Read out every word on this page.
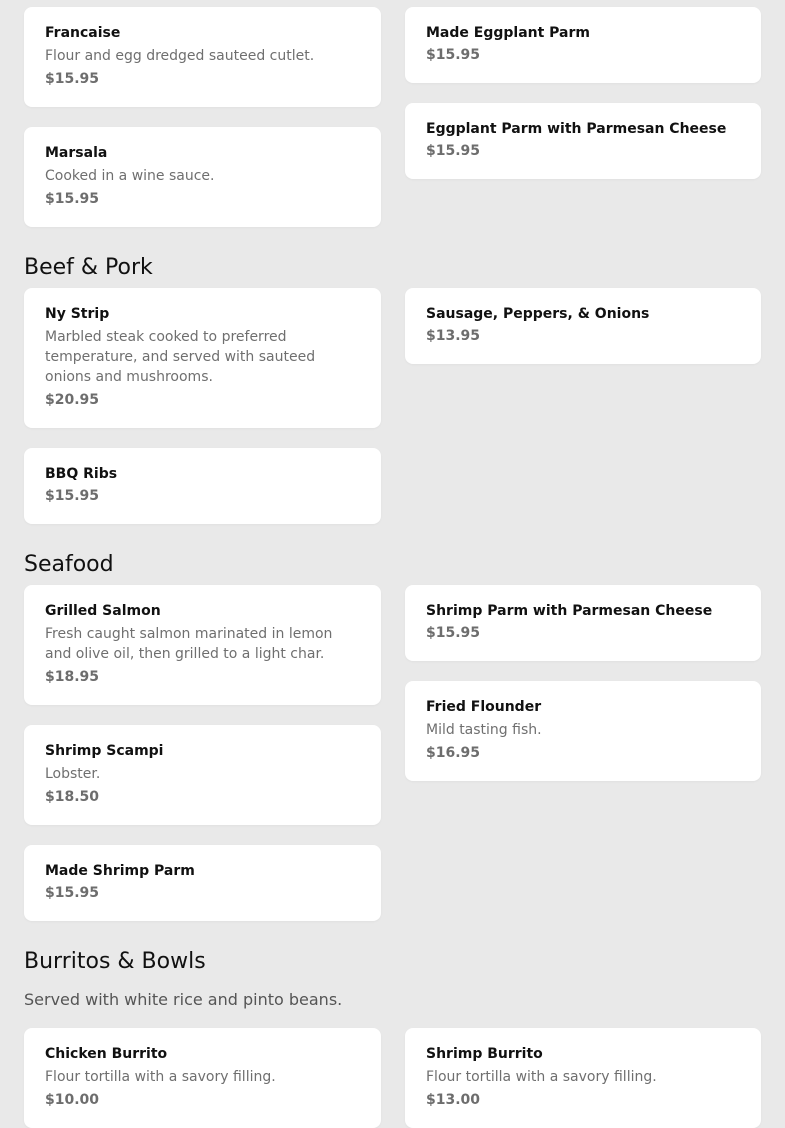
Francaise
Flour and egg dredged sauteed cutlet.
$15.95
Made Eggplant Parm
$15.95
Marsala
Cooked in a wine sauce.
$15.95
Eggplant Parm with Parmesan Cheese
$15.95
Beef & Pork
Ny Strip
Marbled steak cooked to preferred temperature, and served with sauteed onions and mushrooms.
$20.95
Sausage, Peppers, & Onions
$13.95
BBQ Ribs
$15.95
Seafood
Grilled Salmon
Fresh caught salmon marinated in lemon and olive oil, then grilled to a light char.
$18.95
Shrimp Parm with Parmesan Cheese
$15.95
Fried Flounder
Mild tasting fish.
$16.95
Shrimp Scampi
Lobster.
$18.50
Made Shrimp Parm
$15.95
Burritos & Bowls
Served with white rice and pinto beans.
Chicken Burrito
Flour tortilla with a savory filling.
$10.00
Shrimp Burrito
Flour tortilla with a savory filling.
$13.00
